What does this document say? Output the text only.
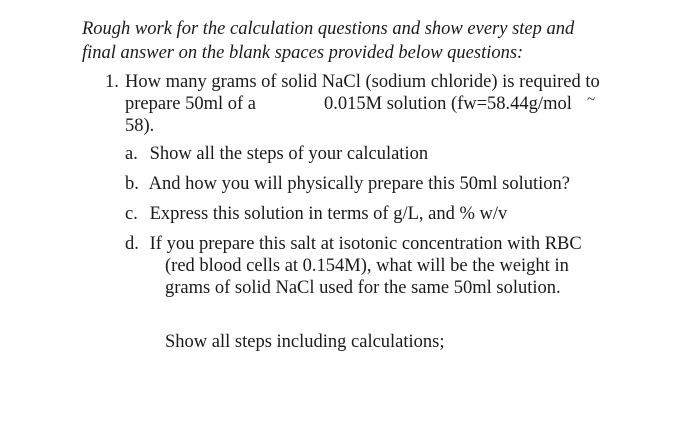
Rough work for the calculation questions and show every step and
final answer on the blank spaces provided below questions:
1. How many grams of solid NaCl (sodium chloride) is required to
prepare 50ml of a	0.015M solution (fw=58.44g/mol ~
58).
a. Show all the steps of your calculation
b. And how you will physically prepare this 50ml solution?
c. Express this solution in terms of g/L, and % w/v
d. If you prepare this salt at isotonic concentration with RBC
(red blood cells at 0.154M), what will be the weight in
grams of solid NaCl used for the same 50ml solution.
Show all steps including calculations;
